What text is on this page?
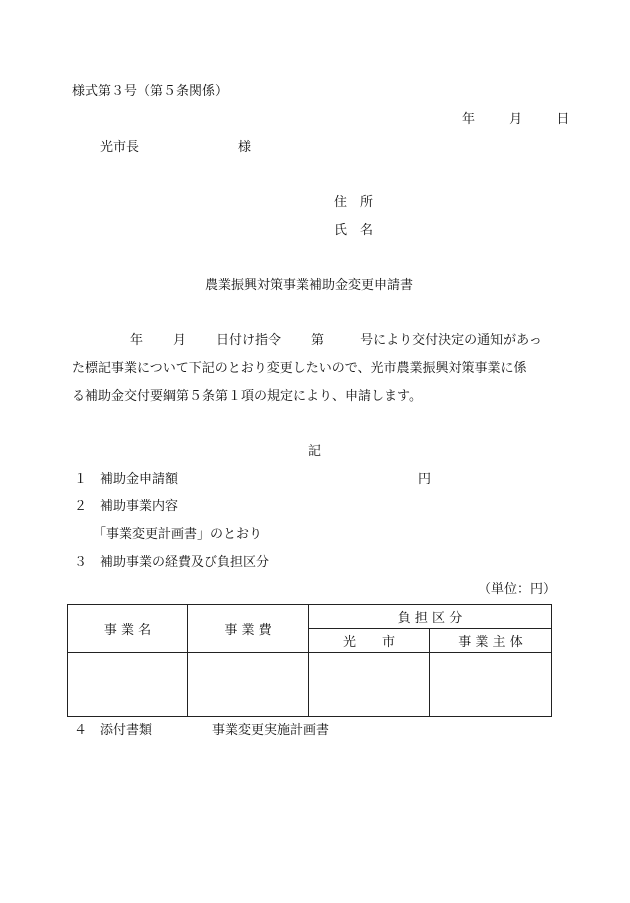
様式第３号（第５条関係）
年	月	日
光市長	様
住　所
氏　名
農業振興対策事業補助金変更申請書
年 月 日付け指令 第	号により交付決定の通知があっ
た標記事業について下記のとおり変更したいので、光市農業振興対策事業に係
る補助金交付要綱第５条第１項の規定により、申請します。
記
１ 補助金申請額	円
２ 補助事業内容
「事業変更計画書」のとおり
３ 補助事業の経費及び負担区分
（単位：円）
事 業 名	事 業 費	負 担 区 分	
		光　　市	事 業 主 体

４ 添付書類	事業変更実施計画書
